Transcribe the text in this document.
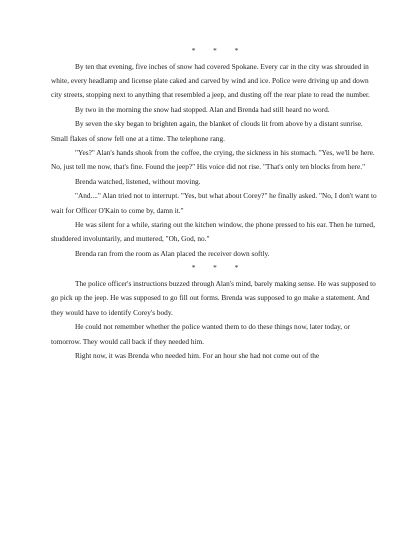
* * *

By ten that evening, five inches of snow had covered Spokane. Every car in the city was shrouded in white, every headlamp and license plate caked and carved by wind and ice. Police were driving up and down city streets, stopping next to anything that resembled a jeep, and dusting off the rear plate to read the number.

By two in the morning the snow had stopped. Alan and Brenda had still heard no word.

By seven the sky began to brighten again, the blanket of clouds lit from above by a distant sunrise. Small flakes of snow fell one at a time. The telephone rang.

"Yes?" Alan's hands shook from the coffee, the crying, the sickness in his stomach. "Yes, we'll be here. No, just tell me now, that's fine. Found the jeep?" His voice did not rise. "That's only ten blocks from here."

Brenda watched, listened, without moving.

"And...." Alan tried not to interrupt. "Yes, but what about Corey?" he finally asked. "No, I don't want to wait for Officer O'Kain to come by, damn it."

He was silent for a while, staring out the kitchen window, the phone pressed to his ear. Then he turned, shuddered involuntarily, and muttered, "Oh, God, no."

Brenda ran from the room as Alan placed the receiver down softly.

* * *

The police officer's instructions buzzed through Alan's mind, barely making sense. He was supposed to go pick up the jeep. He was supposed to go fill out forms. Brenda was supposed to go make a statement. And they would have to identify Corey's body.

He could not remember whether the police wanted them to do these things now, later today, or tomorrow. They would call back if they needed him.

Right now, it was Brenda who needed him. For an hour she had not come out of the
